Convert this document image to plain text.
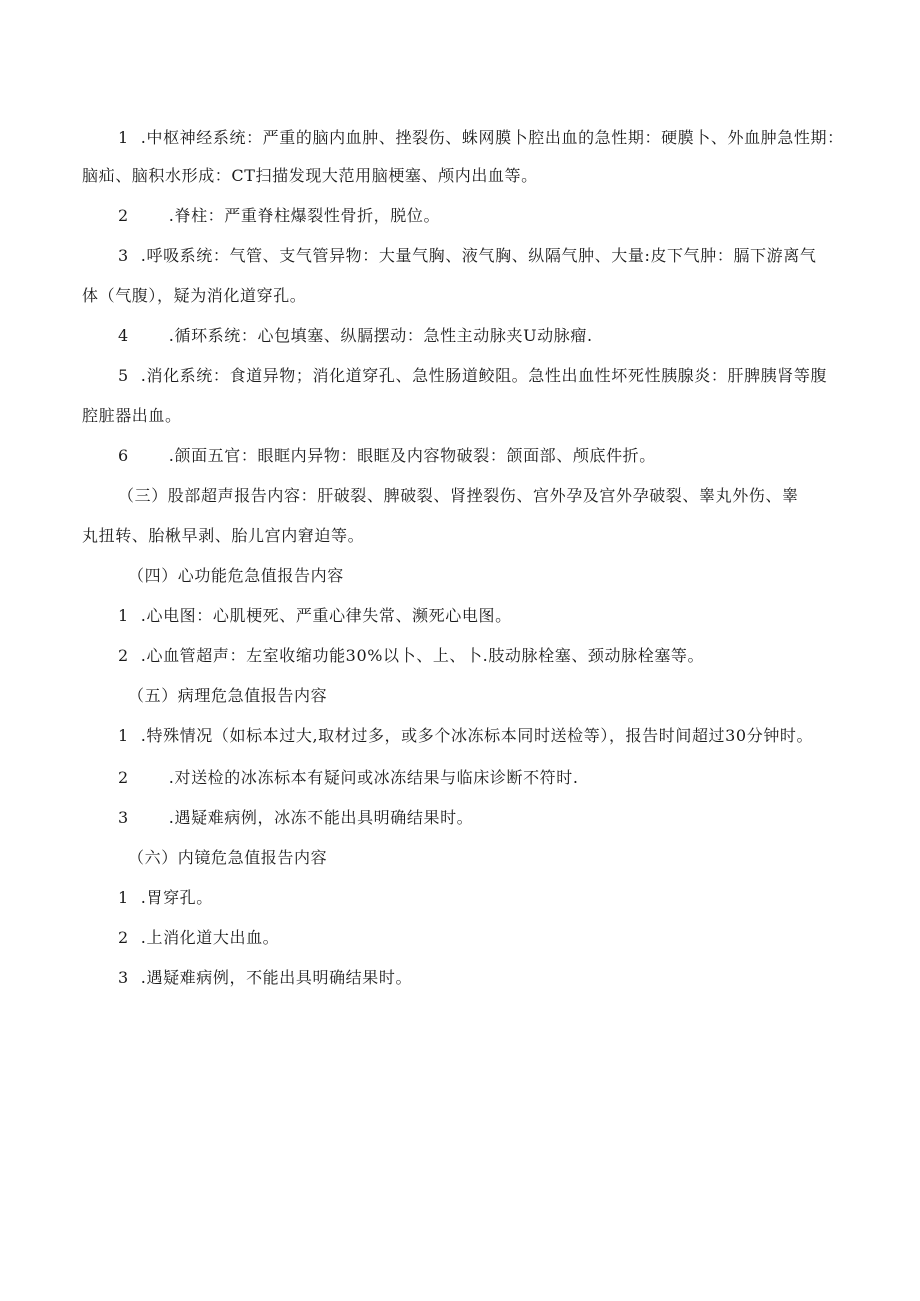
1 .中枢神经系统：严重的脑内血肿、挫裂伤、蛛网膜卜腔出血的急性期：硬膜卜、外血肿急性期：
脑疝、脑积水形成：CT扫描发现大范用脑梗塞、颅内出血等。
2	.脊柱：严重脊柱爆裂性骨折，脱位。
3 .呼吸系统：气管、支气管异物：大量气胸、液气胸、纵隔气肿、大量:皮下气肿：膈下游离气
体（气腹），疑为消化道穿孔。
4	.循环系统：心包填塞、纵膈摆动：急性主动脉夹U动脉瘤.
5 .消化系统：食道异物；消化道穿孔、急性肠道鲛阻。急性出血性坏死性胰腺炎：肝脾胰肾等腹
腔脏器出血。
6	.颌面五官：眼眶内异物：眼眶及内容物破裂：颌面部、颅底件折。
（三）股部超声报告内容：肝破裂、脾破裂、肾挫裂伤、宫外孕及宫外孕破裂、睾丸外伤、睾
丸扭转、胎楸早剥、胎儿宫内窘迫等。
（四）心功能危急值报告内容
1 .心电图：心肌梗死、严重心律失常、濒死心电图。
2 .心血管超声：左室收缩功能30%以卜、上、卜.肢动脉栓塞、颈动脉栓塞等。
（五）病理危急值报告内容
1 .特殊情况（如标本过大,取材过多，或多个冰冻标本同时送检等），报告时间超过30分钟时。
2	.对送检的冰冻标本有疑问或冰冻结果与临床诊断不符时.
3	.遇疑难病例，冰冻不能出具明确结果时。
（六）内镜危急值报告内容
1 .胃穿孔。
2 .上消化道大出血。
3 .遇疑难病例，不能出具明确结果时。
